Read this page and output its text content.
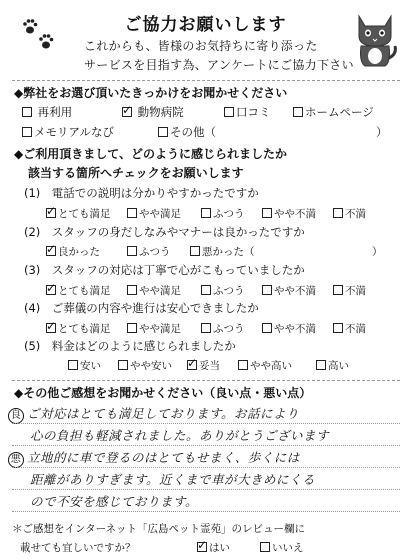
ご協力お願いします
これからも、皆様のお気持ちに寄り添った
サービスを目指す為、アンケートにご協力下さい
◆弊社をお選び頂いたきっかけをお聞かせください
再利用 ✓	動物病院	口コミ	ホームページ
メモリアルなび	その他（	）
◆ご利用頂きまして、どのように感じられましたか
該当する箇所へチェックをお願いします
(1)　電話での説明は分かりやすかったですか
✓とても満足	やや満足	ふつう	やや不満	不満
(2)　スタッフの身だしなみやマナーは良かったですか
✓良かった	ふつう	悪かった（	）
(3)　スタッフの対応は丁寧で心がこもっていましたか
✓とても満足	やや満足	ふつう	やや不満	不満
(4)　ご葬儀の内容や進行は安心できましたか
✓とても満足	やや満足	ふつう	やや不満	不満
(5)　料金はどのように感じられましたか
安い	やや安い ✓	妥当	やや高い	高い
◆その他ご感想をお聞かせください（良い点・悪い点）
良 ご対応はとても満足しております。お話により
心の負担も軽減されました。ありがとうございます
悪 立地的に車で登るのはとてもせまく、歩くには
距離がありすぎます。近くまで車が大きめにくる
ので不安を感じております。
＊ご感想をインターネット「広島ペット霊苑」のレビュー欄に
載せても宜しいですか？ ✓	はい	いいえ
